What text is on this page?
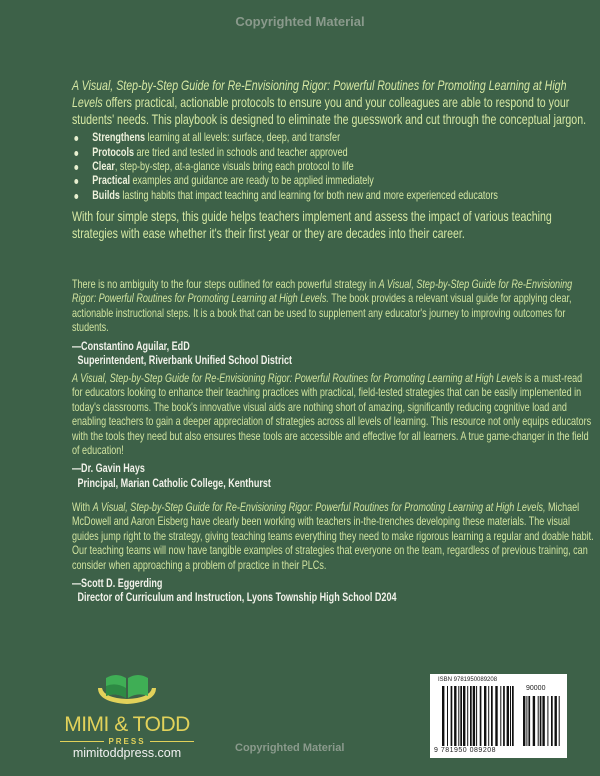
Copyrighted Material

A Visual, Step-by-Step Guide for Re-Envisioning Rigor: Powerful Routines for Promoting Learning at High Levels offers practical, actionable protocols to ensure you and your colleagues are able to respond to your students' needs. This playbook is designed to eliminate the guesswork and cut through the conceptual jargon.

Strengthens learning at all levels: surface, deep, and transfer
Protocols are tried and tested in schools and teacher approved
Clear, step-by-step, at-a-glance visuals bring each protocol to life
Practical examples and guidance are ready to be applied immediately
Builds lasting habits that impact teaching and learning for both new and more experienced educators

With four simple steps, this guide helps teachers implement and assess the impact of various teaching strategies with ease whether it's their first year or they are decades into their career.

There is no ambiguity to the four steps outlined for each powerful strategy in A Visual, Step-by-Step Guide for Re-Envisioning Rigor: Powerful Routines for Promoting Learning at High Levels. The book provides a relevant visual guide for applying clear, actionable instructional steps. It is a book that can be used to supplement any educator's journey to improving outcomes for students.

—Constantino Aguilar, EdD
Superintendent, Riverbank Unified School District

A Visual, Step-by-Step Guide for Re-Envisioning Rigor: Powerful Routines for Promoting Learning at High Levels is a must-read for educators looking to enhance their teaching practices with practical, field-tested strategies that can be easily implemented in today's classrooms. The book's innovative visual aids are nothing short of amazing, significantly reducing cognitive load and enabling teachers to gain a deeper appreciation of strategies across all levels of learning. This resource not only equips educators with the tools they need but also ensures these tools are accessible and effective for all learners. A true game-changer in the field of education!

—Dr. Gavin Hays
Principal, Marian Catholic College, Kenthurst

With A Visual, Step-by-Step Guide for Re-Envisioning Rigor: Powerful Routines for Promoting Learning at High Levels, Michael McDowell and Aaron Eisberg have clearly been working with teachers in-the-trenches developing these materials. The visual guides jump right to the strategy, giving teaching teams everything they need to make rigorous learning a regular and doable habit. Our teaching teams will now have tangible examples of strategies that everyone on the team, regardless of previous training, can consider when approaching a problem of practice in their PLCs.

—Scott D. Eggerding
Director of Curriculum and Instruction, Lyons Township High School D204
MIMI & TODD
PRESS
mimitoddpress.com	Copyrighted Material
ISBN 9781950089208
90000
9 781950 089208
